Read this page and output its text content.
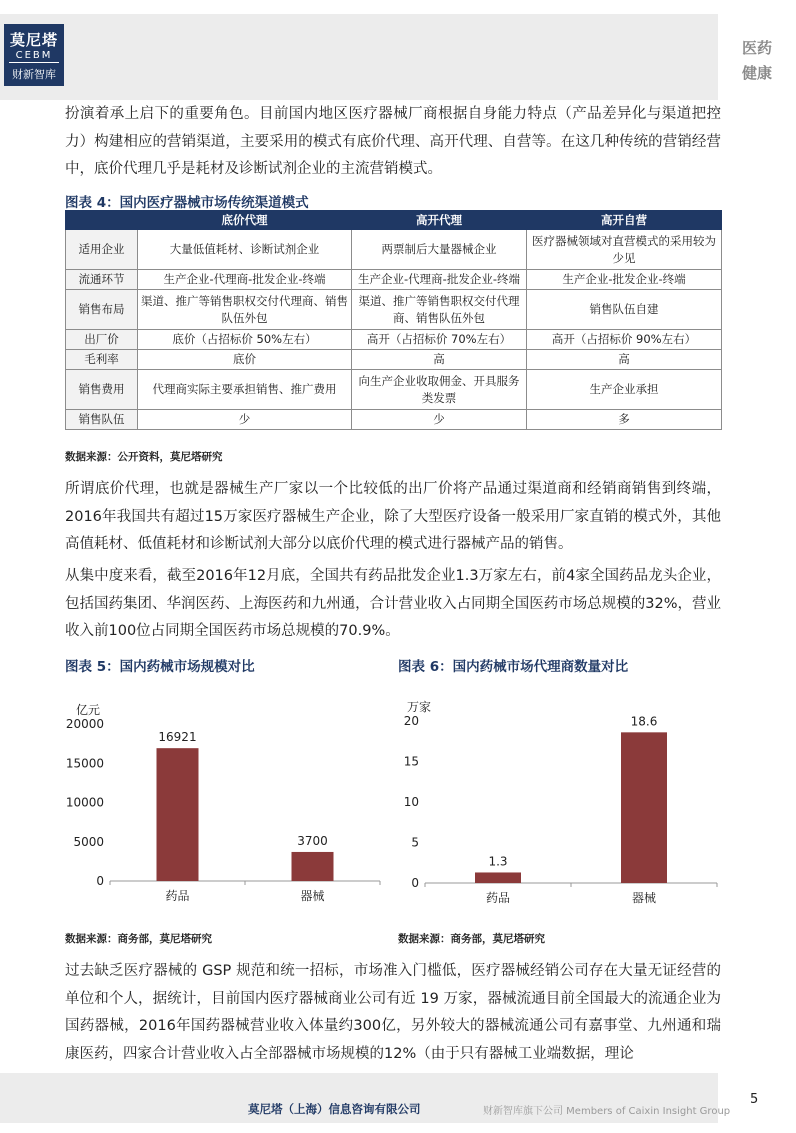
莫尼塔
CEBM
财新智库
医药
健康

扮演着承上启下的重要角色。目前国内地区医疗器械厂商根据自身能力特点（产品差异化与渠道把控力）构建相应的营销渠道，主要采用的模式有底价代理、高开代理、自营等。在这几种传统的营销经营中，底价代理几乎是耗材及诊断试剂企业的主流营销模式。

图表 4：国内医疗器械市场传统渠道模式
	底价代理	高开代理	高开自营
适用企业	大量低值耗材、诊断试剂企业	两票制后大量器械企业	医疗器械领域对直营模式的采用较为少见
流通环节	生产企业-代理商-批发企业-终端	生产企业-代理商-批发企业-终端	生产企业-批发企业-终端
销售布局	渠道、推广等销售职权交付代理商、销售队伍外包	渠道、推广等销售职权交付代理商、销售队伍外包	销售队伍自建
出厂价	底价（占招标价 50%左右）	高开（占招标价 70%左右）	高开（占招标价 90%左右）
毛利率	底价	高	高
销售费用	代理商实际主要承担销售、推广费用	向生产企业收取佣金、开具服务类发票	生产企业承担
销售队伍	少	少	多
数据来源：公开资料，莫尼塔研究

所谓底价代理，也就是器械生产厂家以一个比较低的出厂价将产品通过渠道商和经销商销售到终端，2016年我国共有超过15万家医疗器械生产企业，除了大型医疗设备一般采用厂家直销的模式外，其他高值耗材、低值耗材和诊断试剂大部分以底价代理的模式进行器械产品的销售。

从集中度来看，截至2016年12月底，全国共有药品批发企业1.3万家左右，前4家全国药品龙头企业，包括国药集团、华润医药、上海医药和九州通，合计营业收入占同期全国医药市场总规模的32%，营业收入前100位占同期全国医药市场总规模的70.9%。

图表 5：国内药械市场规模对比
亿元
0
5000
10000
15000
20000
16921
药品
3700
器械
数据来源：商务部，莫尼塔研究
图表 6：国内药械市场代理商数量对比
万家
0
5
10
15
20
1.3
药品
18.6
器械
数据来源：商务部，莫尼塔研究

过去缺乏医疗器械的 GSP 规范和统一招标，市场准入门槛低，医疗器械经销公司存在大量无证经营的单位和个人，据统计，目前国内医疗器械商业公司有近 19 万家，器械流通目前全国最大的流通企业为国药器械，2016年国药器械营业收入体量约300亿，另外较大的器械流通公司有嘉事堂、九州通和瑞康医药，四家合计营业收入占全部器械市场规模的12%（由于只有器械工业端数据，理论

莫尼塔（上海）信息咨询有限公司	财新智库旗下公司 Members of Caixin Insight Group
5
